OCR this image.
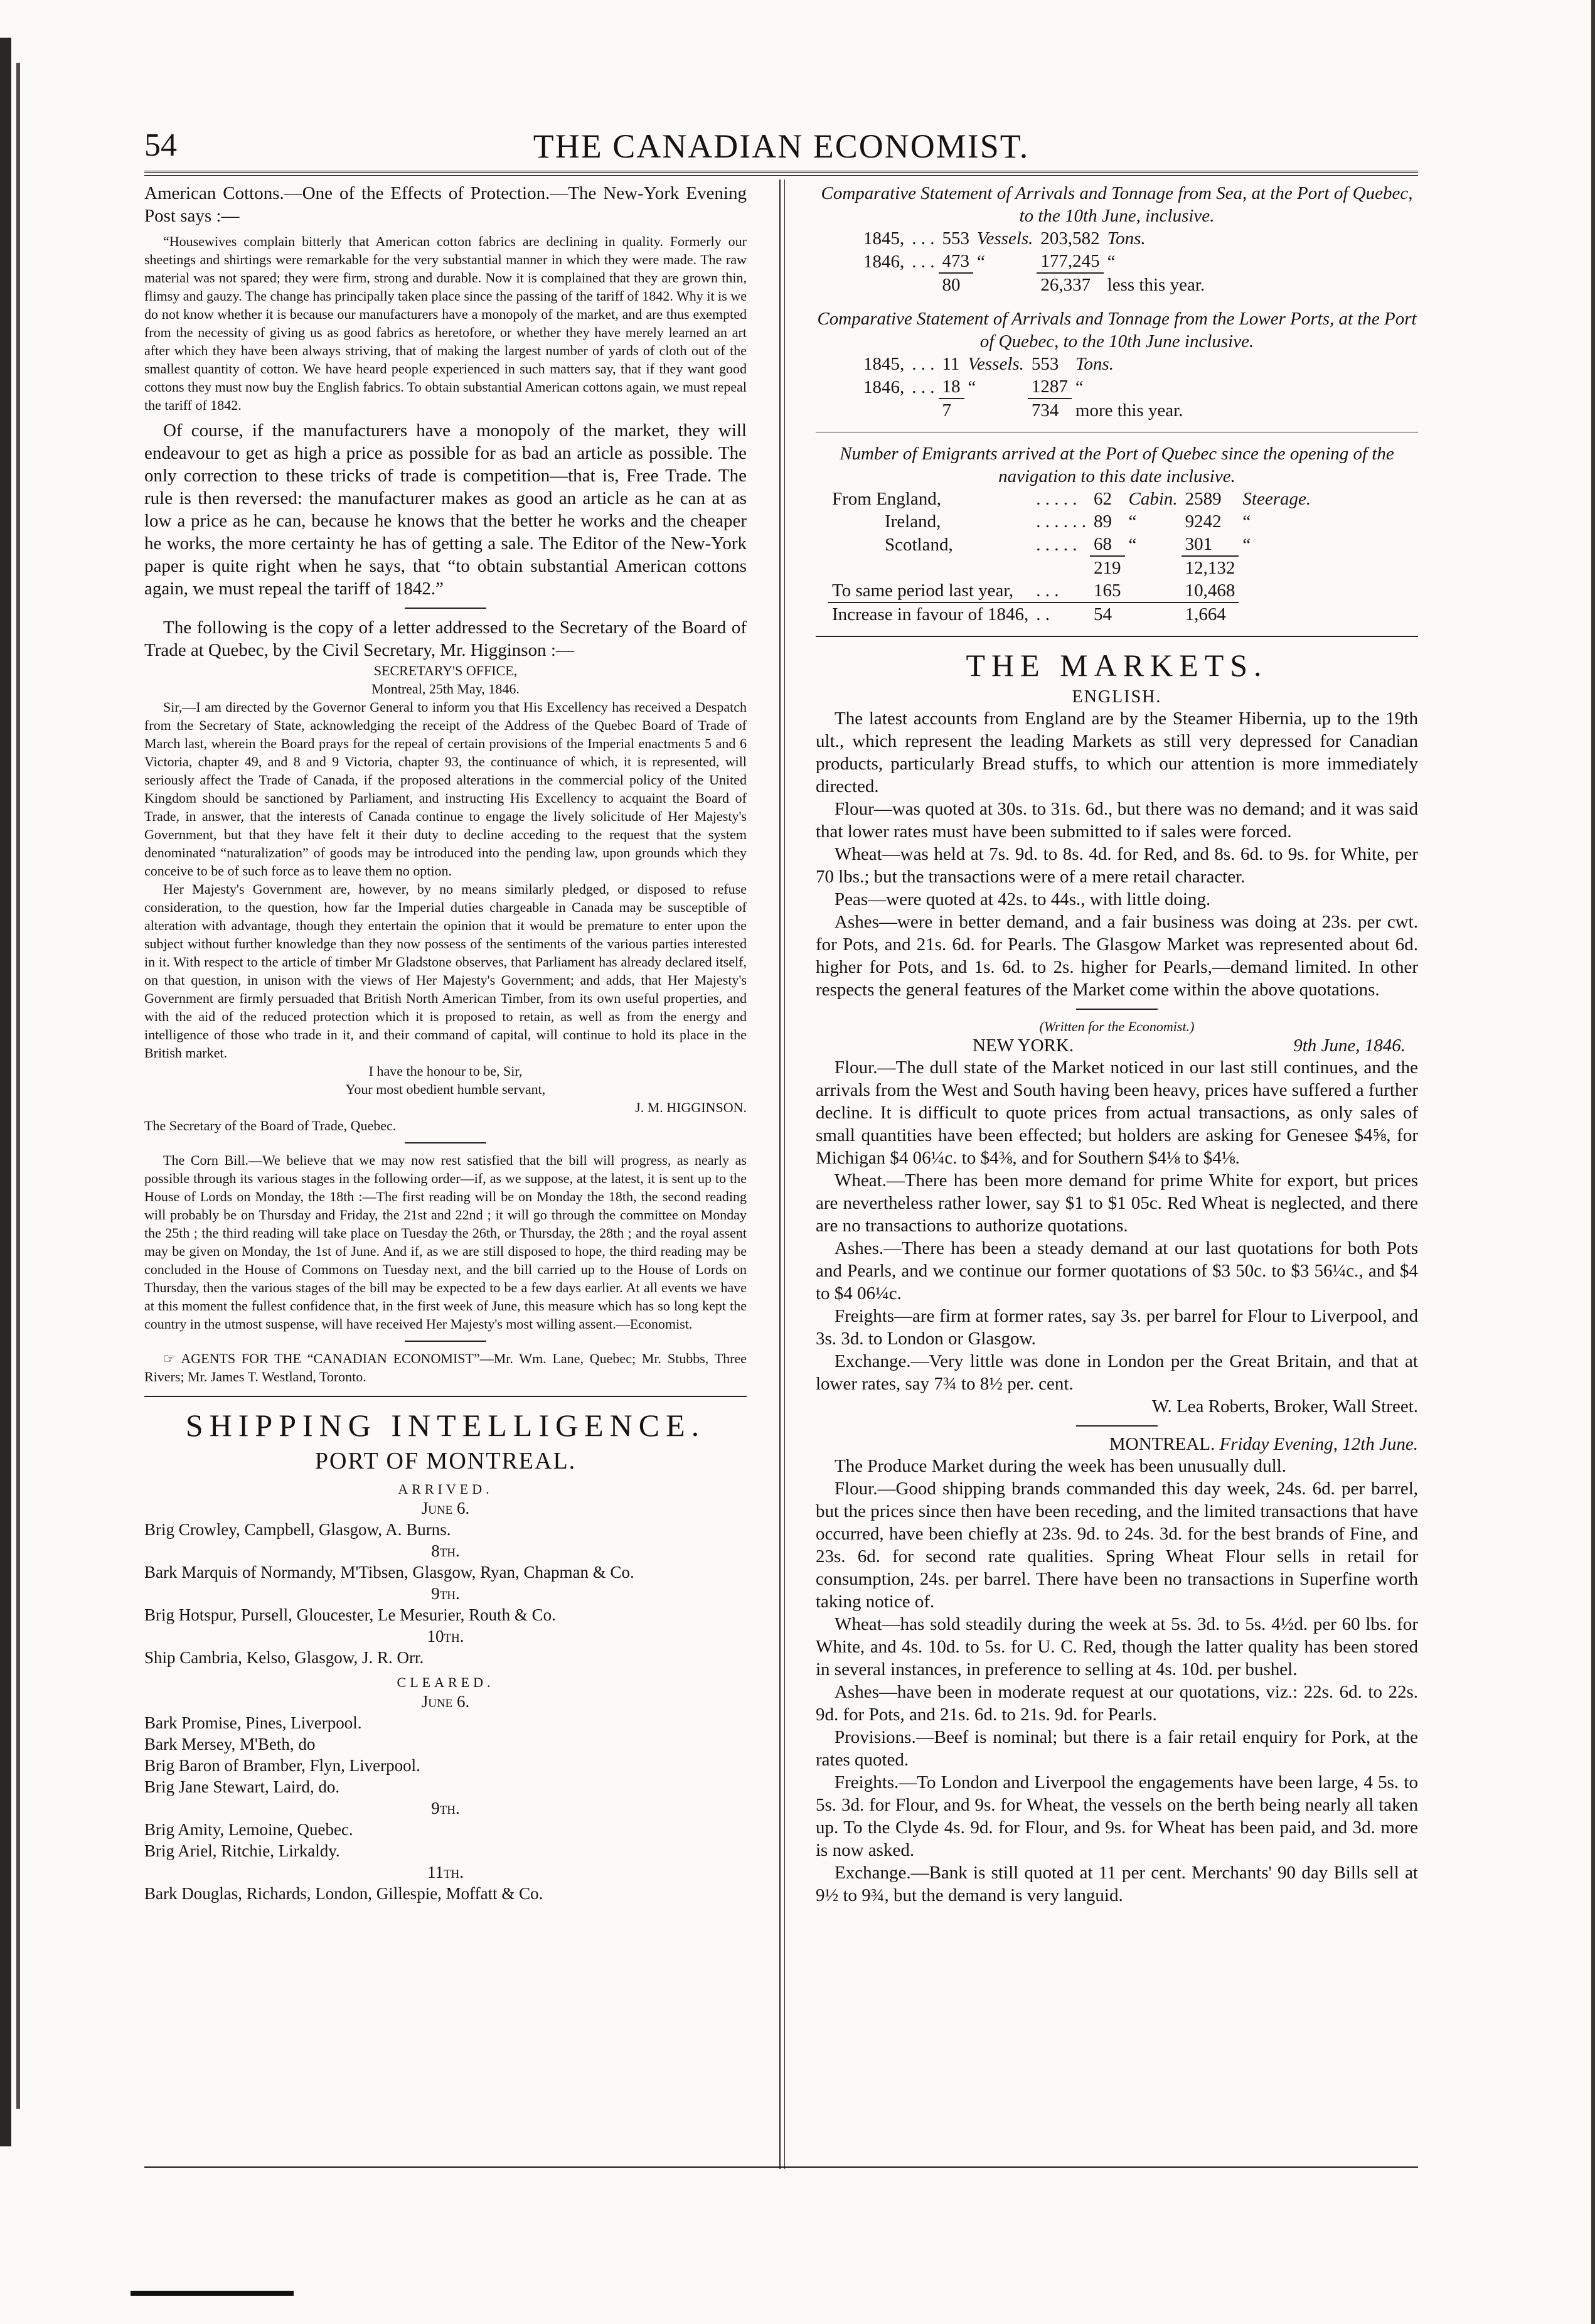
54	THE CANADIAN ECONOMIST.

American Cottons.—One of the Effects of Protection.—The New-York Evening Post says :—

“Housewives complain bitterly that American cotton fabrics are declining in quality. Formerly our sheetings and shirtings were remarkable for the very substantial manner in which they were made. The raw material was not spared; they were firm, strong and durable. Now it is complained that they are grown thin, flimsy and gauzy. The change has principally taken place since the passing of the tariff of 1842. Why it is we do not know whether it is because our manufacturers have a monopoly of the market, and are thus exempted from the necessity of giving us as good fabrics as heretofore, or whether they have merely learned an art after which they have been always striving, that of making the largest number of yards of cloth out of the smallest quantity of cotton. We have heard people experienced in such matters say, that if they want good cottons they must now buy the English fabrics. To obtain substantial American cottons again, we must repeal the tariff of 1842.

Of course, if the manufacturers have a monopoly of the market, they will endeavour to get as high a price as possible for as bad an article as possible. The only correction to these tricks of trade is competition—that is, Free Trade. The rule is then reversed: the manufacturer makes as good an article as he can at as low a price as he can, because he knows that the better he works and the cheaper he works, the more certainty he has of getting a sale. The Editor of the New-York paper is quite right when he says, that “to obtain substantial American cottons again, we must repeal the tariff of 1842.”

The following is the copy of a letter addressed to the Secretary of the Board of Trade at Quebec, by the Civil Secretary, Mr. Higginson :—

SECRETARY'S OFFICE,

Montreal, 25th May, 1846.

Sir,—I am directed by the Governor General to inform you that His Excellency has received a Despatch from the Secretary of State, acknowledging the receipt of the Address of the Quebec Board of Trade of March last, wherein the Board prays for the repeal of certain provisions of the Imperial enactments 5 and 6 Victoria, chapter 49, and 8 and 9 Victoria, chapter 93, the continuance of which, it is represented, will seriously affect the Trade of Canada, if the proposed alterations in the commercial policy of the United Kingdom should be sanctioned by Parliament, and instructing His Excellency to acquaint the Board of Trade, in answer, that the interests of Canada continue to engage the lively solicitude of Her Majesty's Government, but that they have felt it their duty to decline acceding to the request that the system denominated “naturalization” of goods may be introduced into the pending law, upon grounds which they conceive to be of such force as to leave them no option.

Her Majesty's Government are, however, by no means similarly pledged, or disposed to refuse consideration, to the question, how far the Imperial duties chargeable in Canada may be susceptible of alteration with advantage, though they entertain the opinion that it would be premature to enter upon the subject without further knowledge than they now possess of the sentiments of the various parties interested in it. With respect to the article of timber Mr Gladstone observes, that Parliament has already declared itself, on that question, in unison with the views of Her Majesty's Government; and adds, that Her Majesty's Government are firmly persuaded that British North American Timber, from its own useful properties, and with the aid of the reduced protection which it is proposed to retain, as well as from the energy and intelligence of those who trade in it, and their command of capital, will continue to hold its place in the British market.

I have the honour to be, Sir,

Your most obedient humble servant,

J. M. HIGGINSON.

The Secretary of the Board of Trade, Quebec.

The Corn Bill.—We believe that we may now rest satisfied that the bill will progress, as nearly as possible through its various stages in the following order—if, as we suppose, at the latest, it is sent up to the House of Lords on Monday, the 18th :—The first reading will be on Monday the 18th, the second reading will probably be on Thursday and Friday, the 21st and 22nd ; it will go through the committee on Monday the 25th ; the third reading will take place on Tuesday the 26th, or Thursday, the 28th ; and the royal assent may be given on Monday, the 1st of June. And if, as we are still disposed to hope, the third reading may be concluded in the House of Commons on Tuesday next, and the bill carried up to the House of Lords on Thursday, then the various stages of the bill may be expected to be a few days earlier. At all events we have at this moment the fullest confidence that, in the first week of June, this measure which has so long kept the country in the utmost suspense, will have received Her Majesty's most willing assent.—Economist.

☞ AGENTS FOR THE “CANADIAN ECONOMIST”—Mr. Wm. Lane, Quebec; Mr. Stubbs, Three Rivers; Mr. James T. Westland, Toronto.

SHIPPING INTELLIGENCE.
PORT OF MONTREAL.
ARRIVED.

June 6.

Brig Crowley, Campbell, Glasgow, A. Burns.

8th.

Bark Marquis of Normandy, M'Tibsen, Glasgow, Ryan, Chapman & Co.

9th.

Brig Hotspur, Pursell, Gloucester, Le Mesurier, Routh & Co.

10th.

Ship Cambria, Kelso, Glasgow, J. R. Orr.

CLEARED.

June 6.

Bark Promise, Pines, Liverpool.

Bark Mersey, M'Beth, do

Brig Baron of Bramber, Flyn, Liverpool.

Brig Jane Stewart, Laird, do.

9th.

Brig Amity, Lemoine, Quebec.

Brig Ariel, Ritchie, Lirkaldy.

11th.

Bark Douglas, Richards, London, Gillespie, Moffatt & Co.

Comparative Statement of Arrivals and Tonnage from Sea, at the Port of Quebec, to the 10th June, inclusive.

1845,	. . .	553	Vessels.	203,582	Tons.
1846,	. . .	473	“	177,245	“
		80		26,337	less this year.

Comparative Statement of Arrivals and Tonnage from the Lower Ports, at the Port of Quebec, to the 10th June inclusive.

1845,	. . .	11	Vessels.	553	Tons.
1846,	. . .	18	“	1287	“
		7		734	more this year.

Number of Emigrants arrived at the Port of Quebec since the opening of the navigation to this date inclusive.

From England,	. . . . .	62	Cabin.	2589	Steerage.
Ireland,	. . . . . .	89	“	9242	“
Scotland,	. . . . .	68	“	301	“
		219		12,132	
To same period last year,	. . .	165		10,468	
Increase in favour of 1846,	. .	54		1,664	
THE MARKETS.
ENGLISH.

The latest accounts from England are by the Steamer Hibernia, up to the 19th ult., which represent the leading Markets as still very depressed for Canadian products, particularly Bread stuffs, to which our attention is more immediately directed.

Flour—was quoted at 30s. to 31s. 6d., but there was no demand; and it was said that lower rates must have been submitted to if sales were forced.

Wheat—was held at 7s. 9d. to 8s. 4d. for Red, and 8s. 6d. to 9s. for White, per 70 lbs.; but the transactions were of a mere retail character.

Peas—were quoted at 42s. to 44s., with little doing.

Ashes—were in better demand, and a fair business was doing at 23s. per cwt. for Pots, and 21s. 6d. for Pearls. The Glasgow Market was represented about 6d. higher for Pots, and 1s. 6d. to 2s. higher for Pearls,—demand limited. In other respects the general features of the Market come within the above quotations.

(Written for the Economist.)

NEW YORK.	9th June, 1846.

Flour.—The dull state of the Market noticed in our last still continues, and the arrivals from the West and South having been heavy, prices have suffered a further decline. It is difficult to quote prices from actual transactions, as only sales of small quantities have been effected; but holders are asking for Genesee $4⅝, for Michigan $4 06¼c. to $4⅜, and for Southern $4⅛ to $4⅛.

Wheat.—There has been more demand for prime White for export, but prices are nevertheless rather lower, say $1 to $1 05c. Red Wheat is neglected, and there are no transactions to authorize quotations.

Ashes.—There has been a steady demand at our last quotations for both Pots and Pearls, and we continue our former quotations of $3 50c. to $3 56¼c., and $4 to $4 06¼c.

Freights—are firm at former rates, say 3s. per barrel for Flour to Liverpool, and 3s. 3d. to London or Glasgow.

Exchange.—Very little was done in London per the Great Britain, and that at lower rates, say 7¾ to 8½ per. cent.

W. Lea Roberts, Broker, Wall Street.

MONTREAL. Friday Evening, 12th June.

The Produce Market during the week has been unusually dull.

Flour.—Good shipping brands commanded this day week, 24s. 6d. per barrel, but the prices since then have been receding, and the limited transactions that have occurred, have been chiefly at 23s. 9d. to 24s. 3d. for the best brands of Fine, and 23s. 6d. for second rate qualities. Spring Wheat Flour sells in retail for consumption, 24s. per barrel. There have been no transactions in Superfine worth taking notice of.

Wheat—has sold steadily during the week at 5s. 3d. to 5s. 4½d. per 60 lbs. for White, and 4s. 10d. to 5s. for U. C. Red, though the latter quality has been stored in several instances, in preference to selling at 4s. 10d. per bushel.

Ashes—have been in moderate request at our quotations, viz.: 22s. 6d. to 22s. 9d. for Pots, and 21s. 6d. to 21s. 9d. for Pearls.

Provisions.—Beef is nominal; but there is a fair retail enquiry for Pork, at the rates quoted.

Freights.—To London and Liverpool the engagements have been large, 4 5s. to 5s. 3d. for Flour, and 9s. for Wheat, the vessels on the berth being nearly all taken up. To the Clyde 4s. 9d. for Flour, and 9s. for Wheat has been paid, and 3d. more is now asked.

Exchange.—Bank is still quoted at 11 per cent. Merchants' 90 day Bills sell at 9½ to 9¾, but the demand is very languid.
